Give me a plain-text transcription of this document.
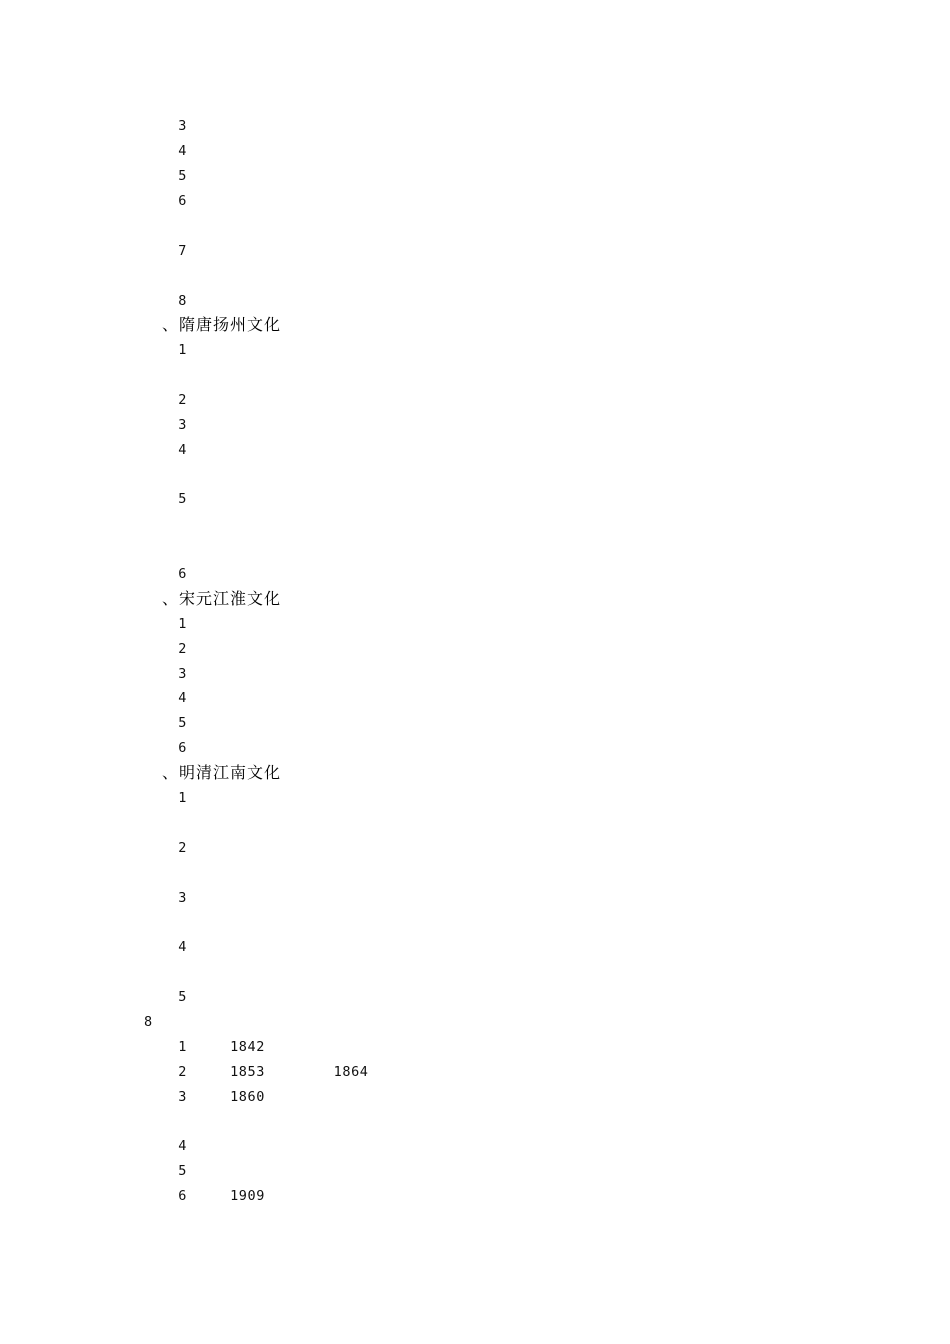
￼   3 ￼￼￼￼￼￼￼￼￼￼￼￼￼￼￼￼￼￼
￼   4 ￼￼￼￼￼￼￼￼￼￼￼￼
￼   5 ￼￼￼￼￼￼￼￼￼￼￼￼￼￼￼￼￼￼
￼   6 ￼￼￼￼￼￼￼￼￼￼￼￼￼￼￼￼￼￼￼￼￼￼￼￼￼￼￼￼￼￼￼￼￼
￼￼￼￼￼￼￼￼￼￼
￼   7 ￼￼￼￼￼￼￼￼￼￼￼￼￼￼￼￼￼￼￼￼￼￼￼￼￼￼￼￼￼￼￼                             ￼￼￼
￼￼￼￼￼￼￼￼￼￼￼￼￼￼￼￼￼￼￼￼￼￼￼￼￼￼￼
￼   8 ￼￼￼￼￼￼￼￼￼￼￼￼￼￼
、隋唐扬州文化
￼   1 ￼ ￼￼￼￼￼￼￼￼         ￼￼￼￼￼      ￼￼￼￼￼￼￼￼￼￼￼￼￼￼￼￼￼￼               ￼￼
￼￼￼￼￼￼￼￼￼￼
￼   2 ￼￼￼￼￼￼￼￼￼￼￼￼￼￼￼￼￼￼￼￼￼￼￼￼￼￼￼￼￼
￼   3 ￼￼￼￼￼￼￼￼￼￼￼￼￼￼￼￼￼￼￼￼￼
￼   4 ￼￼￼￼￼￼￼￼￼￼￼￼￼￼￼￼￼￼￼￼￼￼￼￼￼￼￼￼￼￼￼￼
￼￼￼￼￼￼￼￼￼￼￼￼￼￼￼￼￼￼￼￼￼￼￼￼￼￼￼￼￼￼￼￼
￼   5 ￼￼￼￼￼￼￼￼￼￼￼￼￼￼            ￼￼￼￼￼￼￼￼￼￼￼￼￼￼￼￼￼￼￼
￼￼￼￼￼￼￼￼￼￼￼           ￼￼￼￼￼￼￼￼￼        ￼￼￼￼￼￼￼￼        ￼ ￼￼￼￼￼￼
￼￼￼￼￼￼￼￼￼￼￼￼￼￼￼￼￼￼￼￼￼￼￼￼￼￼￼￼￼￼￼￼￼￼￼
￼   6 ￼￼￼￼￼￼￼￼￼￼￼￼
、宋元江淮文化
￼   1 ￼￼￼￼￼￼￼￼￼￼￼￼￼￼￼￼￼￼￼￼￼￼￼￼￼￼￼￼￼￼￼￼
￼   2 ￼￼￼￼￼￼￼￼￼￼￼￼￼￼￼￼￼￼￼￼￼￼￼￼￼￼￼￼￼￼￼￼
￼   3 ￼￼￼￼￼￼￼￼￼￼￼￼￼￼￼￼￼￼￼￼￼￼￼￼￼
￼   4 ￼￼￼￼￼￼￼￼￼￼￼￼￼￼￼￼￼￼￼￼￼￼
￼   5 ￼￼￼￼￼￼￼￼￼￼
￼   6 ￼￼￼￼￼￼￼￼￼￼￼￼￼￼￼￼￼￼
、明清江南文化
￼   1 ￼￼￼￼￼￼￼￼￼￼￼￼￼￼￼￼￼￼￼￼￼￼￼￼￼￼￼￼￼￼￼￼
￼￼￼￼￼￼￼￼￼￼￼￼￼￼￼￼￼￼￼￼￼￼￼￼￼￼￼￼￼
￼   2 ￼￼￼￼￼￼￼￼￼￼￼￼￼￼￼￼￼￼￼￼￼￼￼￼￼￼￼￼￼￼￼￼
￼￼￼￼￼￼￼￼￼￼￼￼￼￼￼￼￼￼
￼   3 ￼￼￼￼￼￼￼￼￼￼￼￼￼￼￼￼￼￼￼￼￼￼￼￼￼￼￼￼￼￼￼￼
￼￼￼￼￼￼￼￼￼￼￼￼￼￼￼￼￼￼￼￼￼￼￼￼￼￼￼￼￼￼￼￼￼
￼   4 ￼￼￼￼￼￼￼￼￼￼￼￼￼￼￼￼￼￼￼￼￼￼￼￼￼￼￼￼￼￼￼￼
￼￼￼￼￼￼￼￼￼￼￼￼￼￼￼￼￼￼
￼   5 ￼￼￼￼￼￼￼￼￼￼￼
8 ￼￼￼￼￼￼
￼   1 ￼   1842 ￼￼￼￼￼￼￼￼￼￼
￼   2 ￼   1853 ￼￼     1864 ￼￼￼￼￼￼￼￼￼￼
￼   3 ￼   1860 ￼￼￼￼￼￼￼￼￼￼￼￼￼￼￼￼￼￼￼￼￼￼￼￼￼￼￼￼￼￼
￼￼￼￼￼
￼   4 ￼￼￼￼￼￼￼￼￼￼￼￼￼￼￼￼￼￼￼￼￼
￼   5 ￼￼￼￼￼￼￼￼￼￼￼￼￼￼￼￼￼￼￼￼￼￼
￼   6 ￼   1909 ￼￼￼￼￼￼￼￼￼￼￼￼￼￼￼￼￼￼￼￼￼
